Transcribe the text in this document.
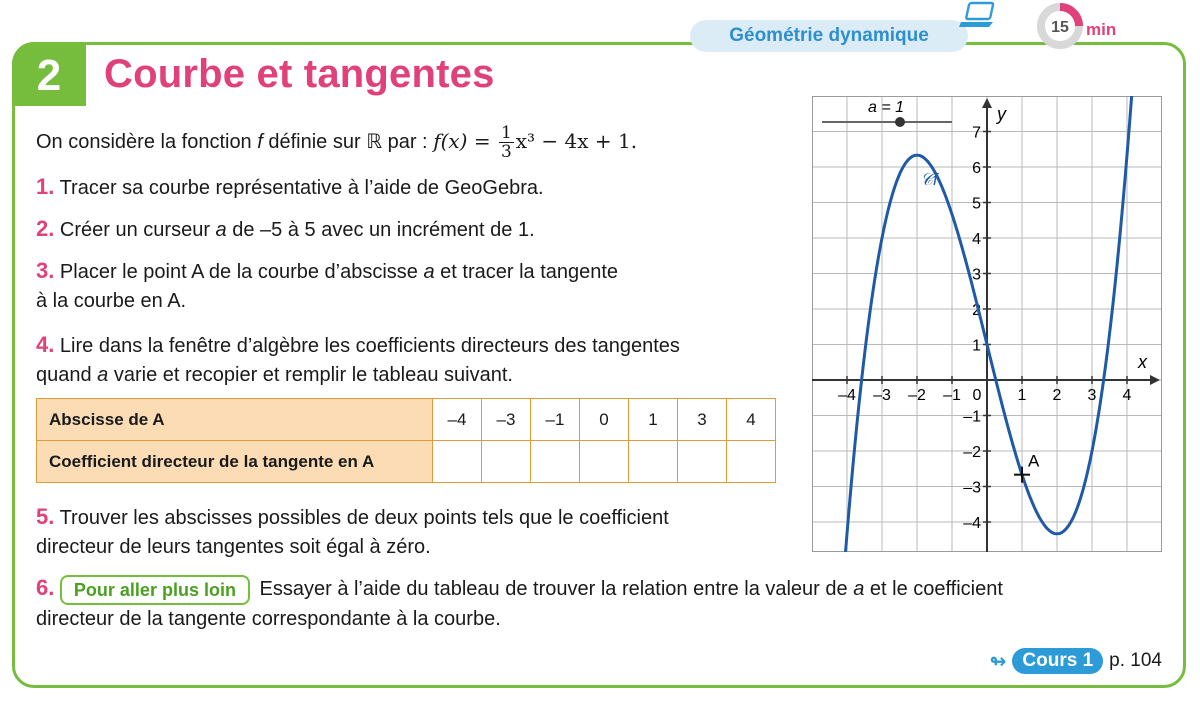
2	Courbe et tangentes
Géométrie dynamique	15 min

On considère la fonction f définie sur ℝ par : $f(x) = \frac{1}{3} x^3 - 4x + 1$.

1. Tracer sa courbe représentative à l’aide de GeoGebra.

2. Créer un curseur a de –5 à 5 avec un incrément de 1.

3. Placer le point A de la courbe d’abscisse a et tracer la tangente
à la courbe en A.

4. Lire dans la fenêtre d’algèbre les coefficients directeurs des tangentes
quand a varie et recopier et remplir le tableau suivant.

Abscisse de A	–4	–3	–1	0	1	3	4
Coefficient directeur de la tangente en A							

5. Trouver les abscisses possibles de deux points tels que le coefficient
directeur de leurs tangentes soit égal à zéro.

6. Pour aller plus loin Essayer à l’aide du tableau de trouver la relation entre la valeur de a et le coefficient
directeur de la tangente correspondante à la courbe.

↬ Cours 1 p. 104
–4 –3 –2 –1 0 1 2 3 4
7
6
5
4
3
2
1
–1
–2
–3
–4
A
a = 1	y
x
𝒞f
